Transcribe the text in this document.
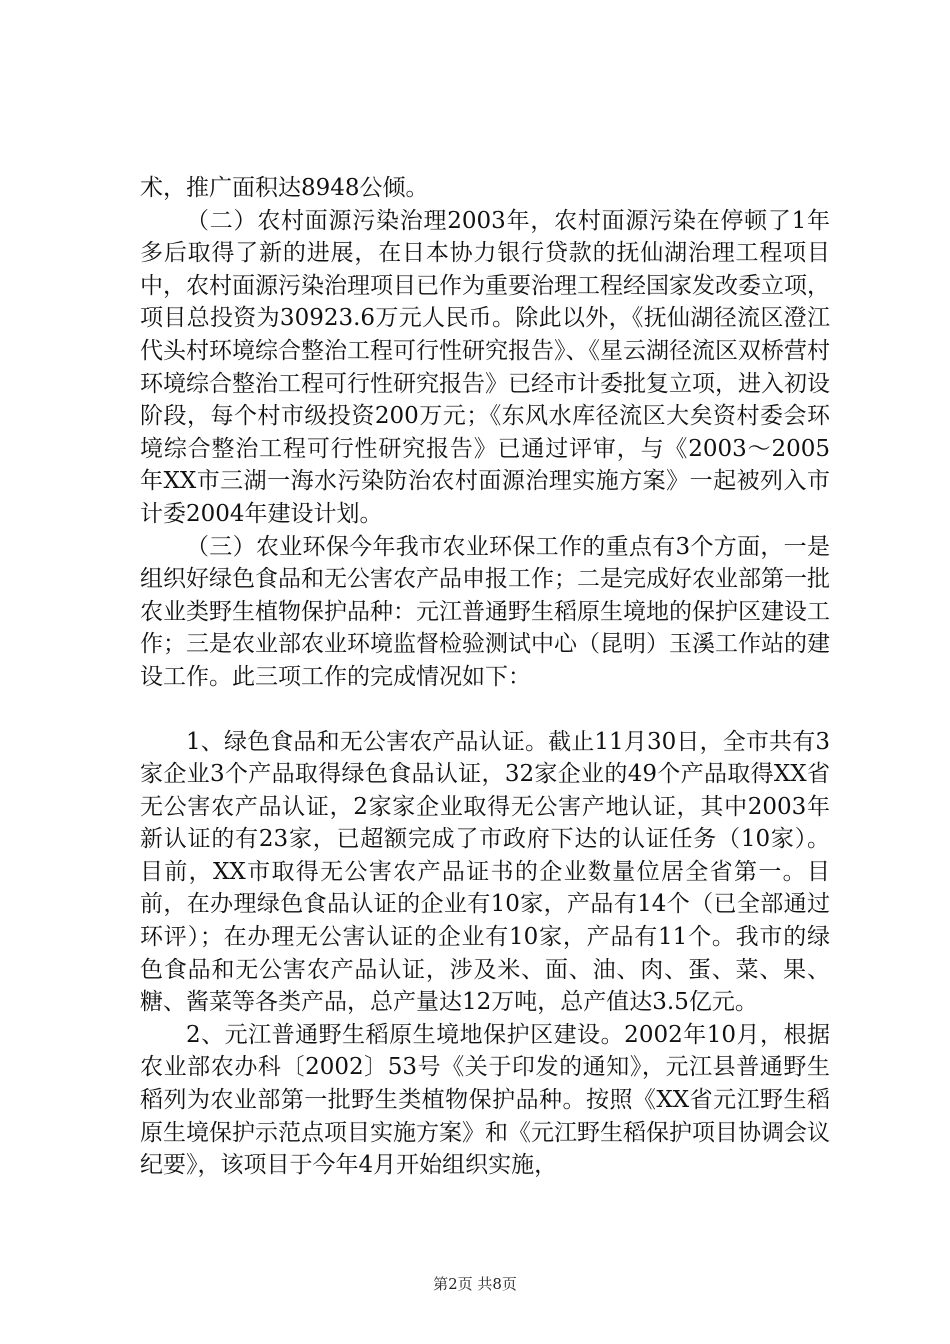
术，推广面积达8948公倾。

（二）农村面源污染治理2003年，农村面源污染在停顿了1年多后取得了新的进展，在日本协力银行贷款的抚仙湖治理工程项目中，农村面源污染治理项目已作为重要治理工程经国家发改委立项，项目总投资为30923.6万元人民币。除此以外，《抚仙湖径流区澄江代头村环境综合整治工程可行性研究报告》、《星云湖径流区双桥营村环境综合整治工程可行性研究报告》已经市计委批复立项，进入初设阶段，每个村市级投资200万元；《东风水库径流区大矣资村委会环境综合整治工程可行性研究报告》已通过评审，与《2003～2005年XX市三湖一海水污染防治农村面源治理实施方案》一起被列入市计委2004年建设计划。

（三）农业环保今年我市农业环保工作的重点有3个方面，一是组织好绿色食品和无公害农产品申报工作；二是完成好农业部第一批农业类野生植物保护品种：元江普通野生稻原生境地的保护区建设工作；三是农业部农业环境监督检验测试中心（昆明）玉溪工作站的建设工作。此三项工作的完成情况如下：

1、绿色食品和无公害农产品认证。截止11月30日，全市共有3家企业3个产品取得绿色食品认证，32家企业的49个产品取得XX省无公害农产品认证，2家家企业取得无公害产地认证，其中2003年新认证的有23家，已超额完成了市政府下达的认证任务（10家）。目前，XX市取得无公害农产品证书的企业数量位居全省第一。目前，在办理绿色食品认证的企业有10家，产品有14个（已全部通过环评）；在办理无公害认证的企业有10家，产品有11个。我市的绿色食品和无公害农产品认证，涉及米、面、油、肉、蛋、菜、果、糖、酱菜等各类产品，总产量达12万吨，总产值达3.5亿元。

2、元江普通野生稻原生境地保护区建设。2002年10月，根据农业部农办科〔2002〕53号《关于印发的通知》，元江县普通野生稻列为农业部第一批野生类植物保护品种。按照《XX省元江野生稻原生境保护示范点项目实施方案》和《元江野生稻保护项目协调会议纪要》，该项目于今年4月开始组织实施，

第2页 共8页
